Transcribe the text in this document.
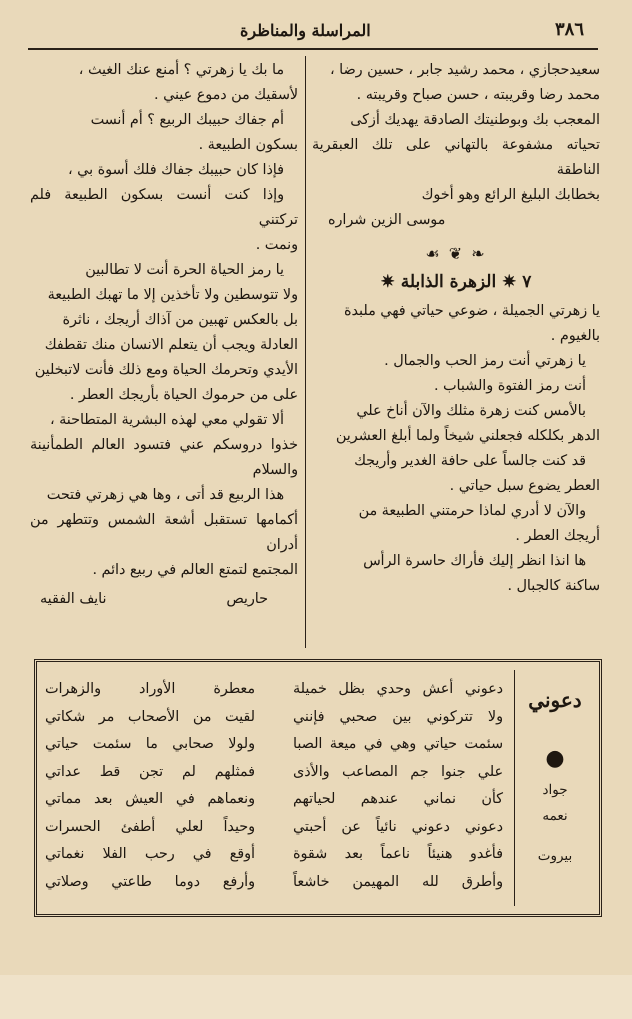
٣٨٦
المراسلة والمناظرة

سعيدحجازي ، محمد رشيد جابر ، حسين رضا ،

محمد رضا وقريبته ، حسن صباح وقريبته .

المعجب بك وبوطنيتك الصادقة يهديك أزكى

تحياته مشفوعة بالتهاني على تلك العبقرية الناطقة

بخطابك البليغ الرائع وهو أخوك

موسى الزين شراره

❧ ❦ ☙
٧ ✷ الزهرة الذابلة ✷

يا زهرتي الجميلة ، ضوعي حياتي فهي ملبدة

بالغيوم .

يا زهرتي أنت رمز الحب والجمال .

أنت رمز الفتوة والشباب .

بالأمس كنت زهرة مثلك والآن أناخ علي

الدهر بكلكله فجعلني شيخاً ولما أبلغ العشرين

قد كنت جالساً على حافة الغدير وأريجك

العطر يضوع سبل حياتي .

والآن لا أدري لماذا حرمتني الطبيعة من

أريجك العطر .

ها انذا انظر إليك فأراك حاسرة الرأس

ساكنة كالجبال .

ما بك يا زهرتي ؟ أمنع عنك الغيث ،

لأسقيك من دموع عيني .

أم جفاك حبيبك الربيع ؟ أم أنست

بسكون الطبيعة .

فإذا كان حبيبك جفاك فلك أسوة بي ،

وإذا كنت أنست بسكون الطبيعة فلم تركتني

ونمت .

يا رمز الحياة الحرة أنت لا تطالبين

ولا تتوسطين ولا تأخذين إلا ما تهبك الطبيعة

بل بالعكس تهبين من آذاك أريجك ، ناثرة

العادلة ويجب أن يتعلم الانسان منك تقطفك

الأيدي وتحرمك الحياة ومع ذلك فأنت لاتبخلين

على من حرموك الحياة بأريجك العطر .

ألا تقولي معي لهذه البشرية المتطاحنة ،

خذوا دروسكم عني فتسود العالم الطمأنينة والسلام

هذا الربيع قد أتى ، وها هي زهرتي فتحت

أكمامها تستقبل أشعة الشمس وتتطهر من أدران

المجتمع لتمتع العالم في ربيع دائم .

حاريص
نايف الفقيه
دعوني
●
جواد
نعمه
بيروت
دعوني أعش وحدي بظل خميلة
معطرة الأوراد والزهرات
ولا تتركوني بين صحبي فإنني
لقيت من الأصحاب مر شكاتي
سئمت حياتي وهي في ميعة الصبا
ولولا صحابي ما سئمت حياتي
علي جنوا جم المصاعب والأذى
فمثلهم لم تجن قط عداتي
كأن نماني عندهم لحياتهم
ونعماهم في العيش بعد مماتي
دعوني دعوني نائياً عن أحبتي
وحيداً لعلي أطفئ الحسرات
فأغدو هنيئاً ناعماً بعد شقوة
أوقع في رحب الفلا نغماتي
وأطرق لله المهيمن خاشعاً
وأرفع دوما طاعتي وصلاتي
